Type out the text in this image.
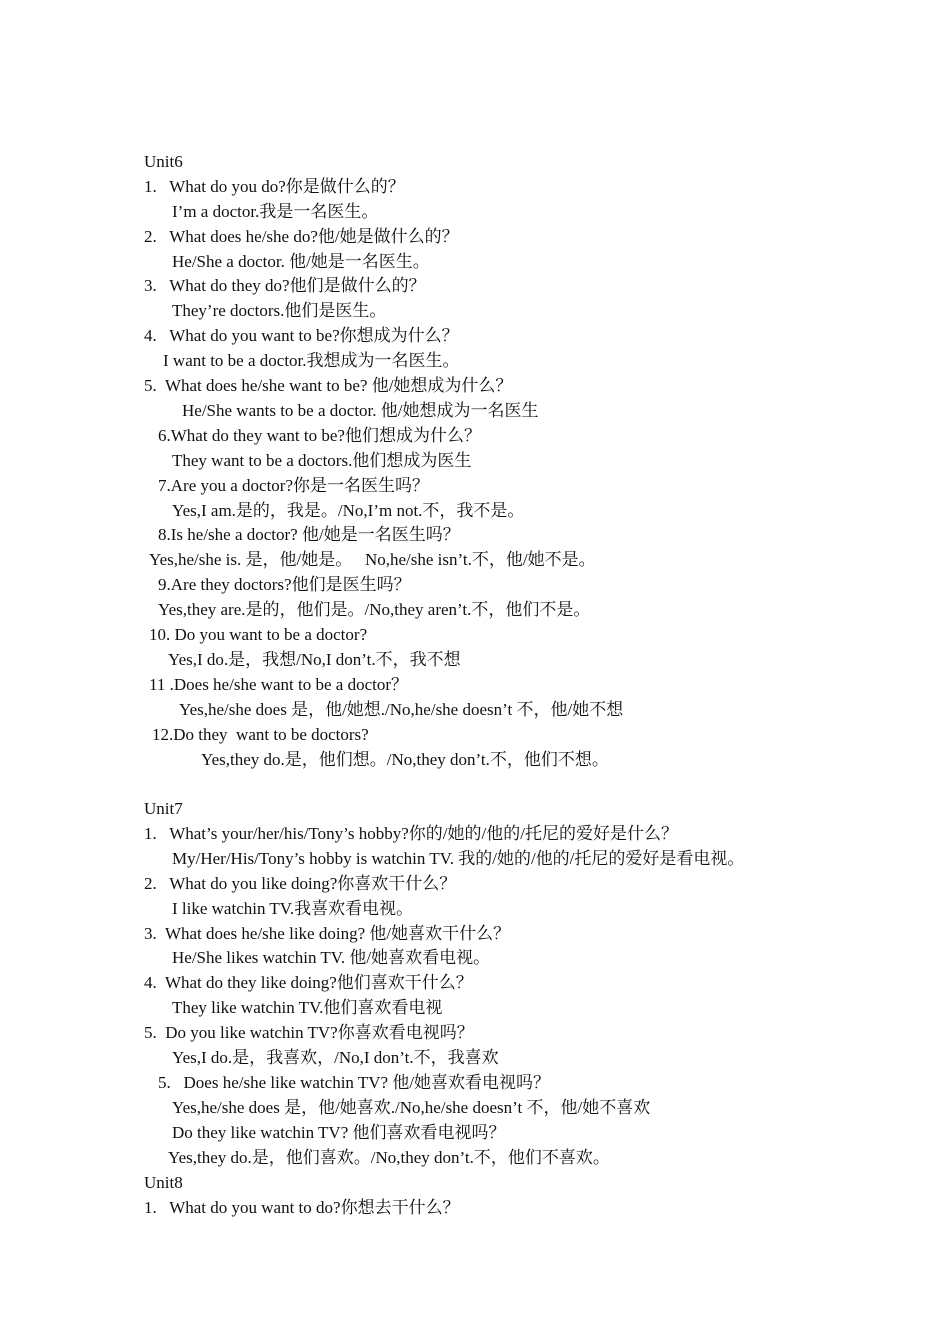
Unit6
1.   What do you do?你是做什么的？
I’m a doctor.我是一名医生。
2.   What does he/she do?他/她是做什么的？
He/She a doctor. 他/她是一名医生。
3.   What do they do?他们是做什么的？
They’re doctors.他们是医生。
4.   What do you want to be?你想成为什么？
I want to be a doctor.我想成为一名医生。
5.  What does he/she want to be? 他/她想成为什么？
He/She wants to be a doctor. 他/她想成为一名医生
6.What do they want to be?他们想成为什么？
They want to be a doctors.他们想成为医生
7.Are you a doctor?你是一名医生吗？
Yes,I am.是的，我是。/No,I’m not.不，我不是。
8.Is he/she a doctor? 他/她是一名医生吗？
Yes,he/she is. 是，他/她是。   No,he/she isn’t.不，他/她不是。
9.Are they doctors?他们是医生吗？
Yes,they are.是的，他们是。/No,they aren’t.不，他们不是。
10. Do you want to be a doctor?
Yes,I do.是，我想/No,I don’t.不，我不想
11 .Does he/she want to be a doctor？
Yes,he/she does 是，他/她想./No,he/she doesn’t 不，他/她不想
12.Do they  want to be doctors?
Yes,they do.是，他们想。/No,they don’t.不，他们不想。
Unit7
1.   What’s your/her/his/Tony’s hobby?你的/她的/他的/托尼的爱好是什么？
My/Her/His/Tony’s hobby is watchin TV. 我的/她的/他的/托尼的爱好是看电视。
2.   What do you like doing?你喜欢干什么？
I like watchin TV.我喜欢看电视。
3.  What does he/she like doing? 他/她喜欢干什么？
He/She likes watchin TV. 他/她喜欢看电视。
4.  What do they like doing?他们喜欢干什么？
They like watchin TV.他们喜欢看电视
5.  Do you like watchin TV?你喜欢看电视吗？
Yes,I do.是，我喜欢，/No,I don’t.不，我喜欢
5.   Does he/she like watchin TV? 他/她喜欢看电视吗？
Yes,he/she does 是，他/她喜欢./No,he/she doesn’t 不，他/她不喜欢
Do they like watchin TV? 他们喜欢看电视吗？
Yes,they do.是，他们喜欢。/No,they don’t.不，他们不喜欢。
Unit8
1.   What do you want to do?你想去干什么？
